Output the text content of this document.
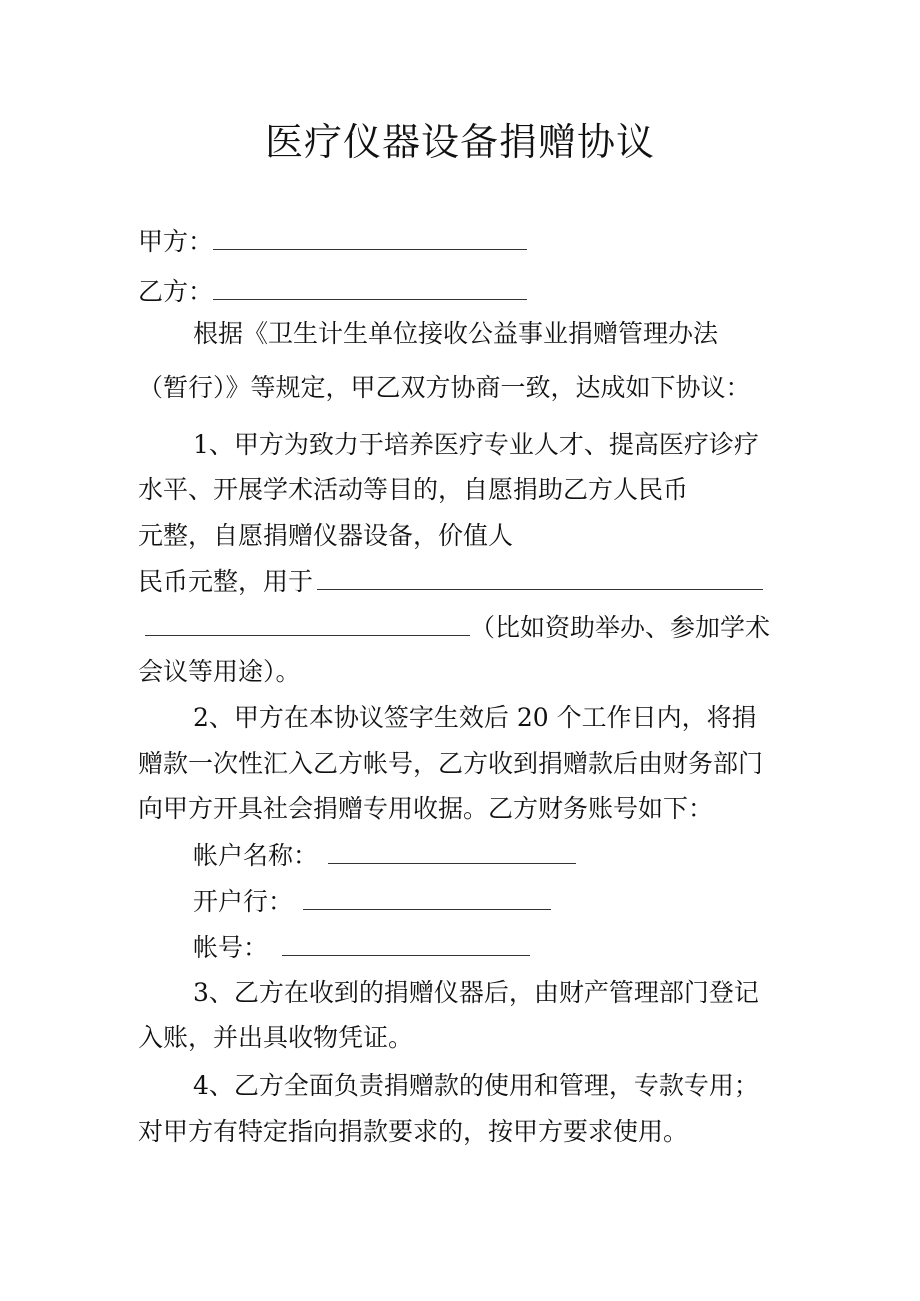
医疗仪器设备捐赠协议
甲方：
乙方：
根据《卫生计生单位接收公益事业捐赠管理办法
（暂行）》等规定，甲乙双方协商一致，达成如下协议：
1、甲方为致力于培养医疗专业人才、提高医疗诊疗
水平、开展学术活动等目的，自愿捐助乙方人民币
元整，自愿捐赠仪器设备，价值人
民币元整，用于
（比如资助举办、参加学术
会议等用途）。
2、甲方在本协议签字生效后 20 个工作日内，将捐
赠款一次性汇入乙方帐号，乙方收到捐赠款后由财务部门
向甲方开具社会捐赠专用收据。乙方财务账号如下：
帐户名称：
开户行：
帐号：
3、乙方在收到的捐赠仪器后，由财产管理部门登记
入账，并出具收物凭证。
4、乙方全面负责捐赠款的使用和管理，专款专用；
对甲方有特定指向捐款要求的，按甲方要求使用。
